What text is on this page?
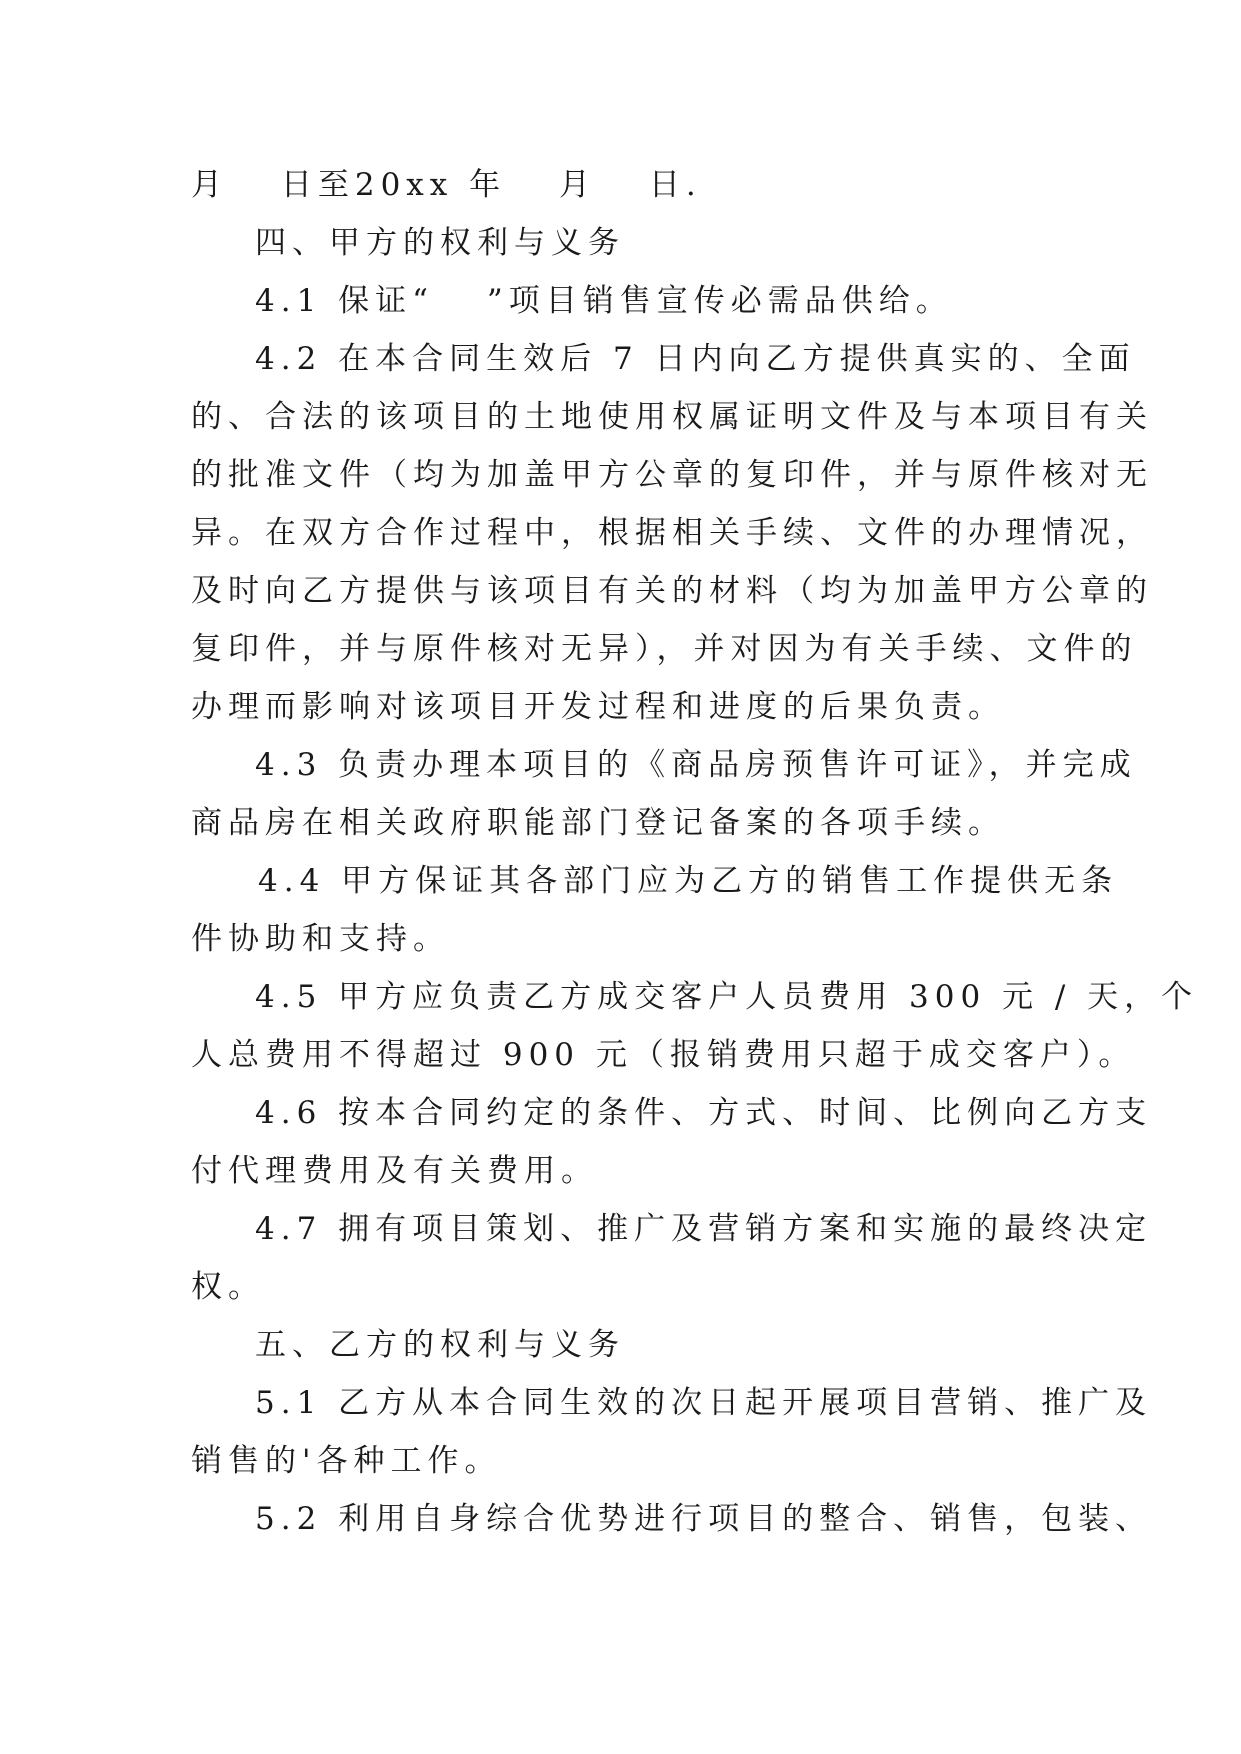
月　 日至20xx 年　 月　 日.
四、甲方的权利与义务
4.1 保证“　 ”项目销售宣传必需品供给。
4.2 在本合同生效后 7 日内向乙方提供真实的、全面
的、合法的该项目的土地使用权属证明文件及与本项目有关
的批准文件（均为加盖甲方公章的复印件，并与原件核对无
异。在双方合作过程中，根据相关手续、文件的办理情况，
及时向乙方提供与该项目有关的材料（均为加盖甲方公章的
复印件，并与原件核对无异），并对因为有关手续、文件的
办理而影响对该项目开发过程和进度的后果负责。
4.3 负责办理本项目的《商品房预售许可证》，并完成
商品房在相关政府职能部门登记备案的各项手续。
4.4 甲方保证其各部门应为乙方的销售工作提供无条
件协助和支持。
4.5 甲方应负责乙方成交客户人员费用 300 元 / 天，个
人总费用不得超过 900 元（报销费用只超于成交客户）。
4.6 按本合同约定的条件、方式、时间、比例向乙方支
付代理费用及有关费用。
4.7 拥有项目策划、推广及营销方案和实施的最终决定
权。
五、乙方的权利与义务
5.1 乙方从本合同生效的次日起开展项目营销、推广及
销售的'各种工作。
5.2 利用自身综合优势进行项目的整合、销售，包装、
